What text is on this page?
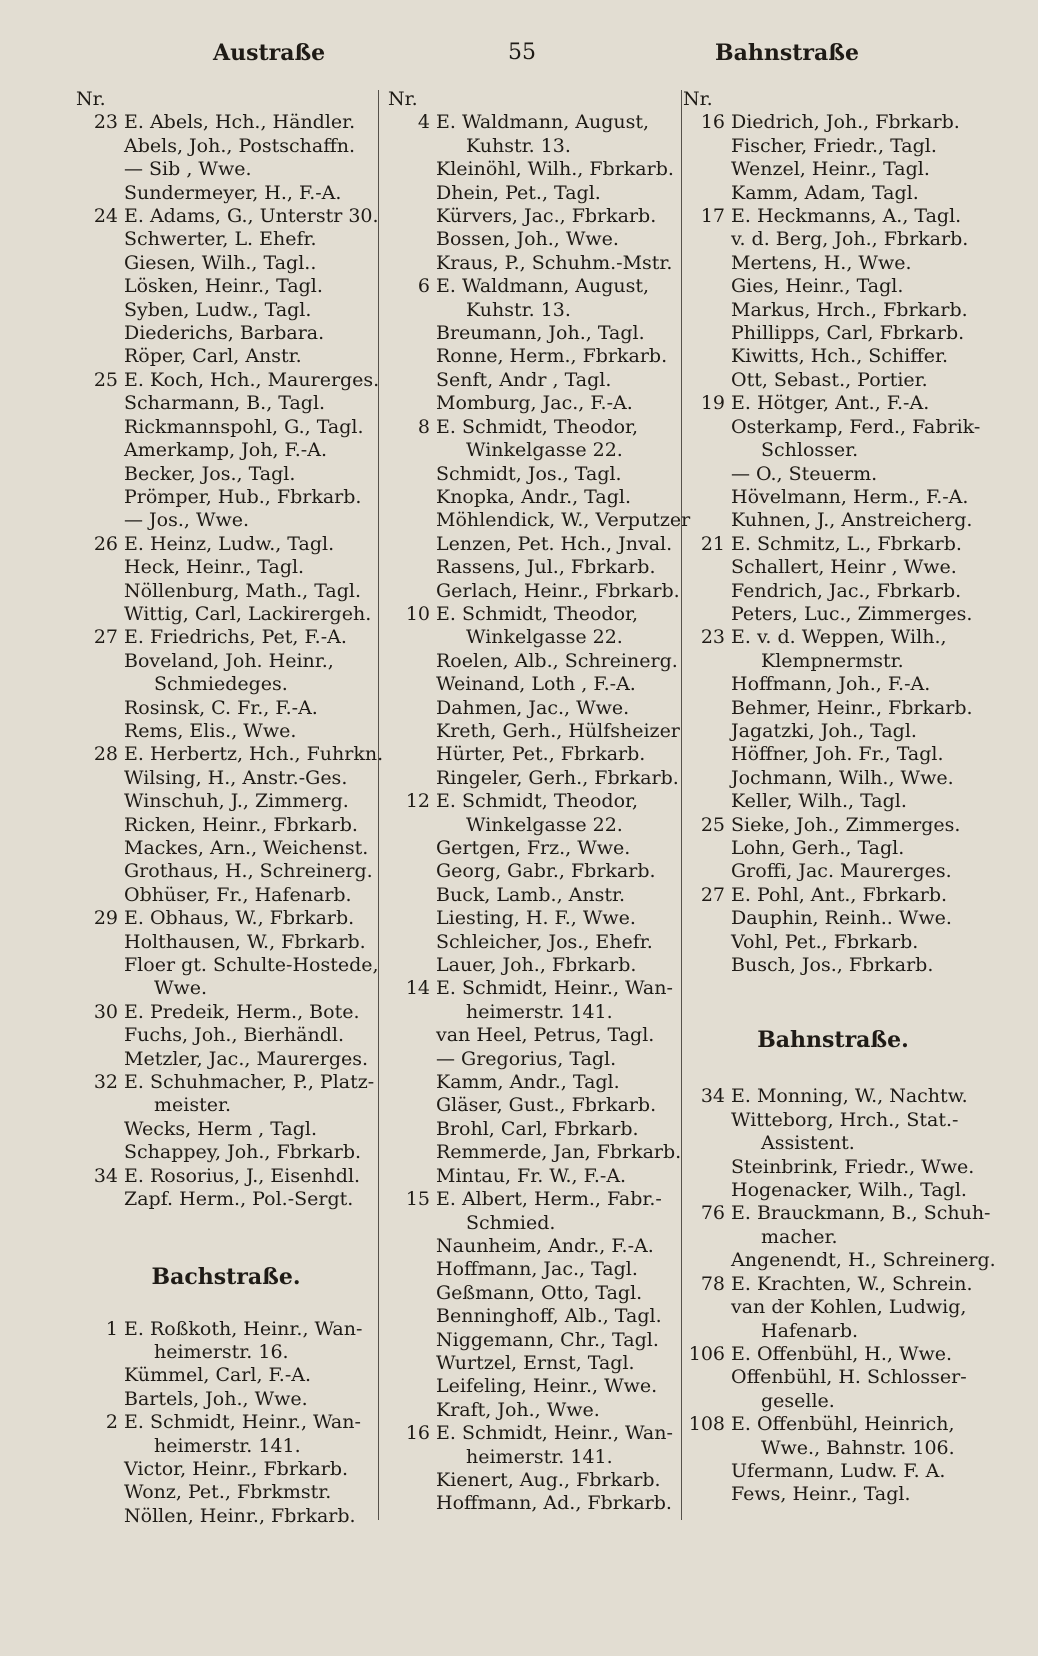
Austraße	55	Bahnstraße
Nr.
23 E. Abels, Hch., Händler.
Abels, Joh., Postschaffn.
— Sib , Wwe.
Sundermeyer, H., F.-A.
24 E. Adams, G., Unterstr 30.
Schwerter, L. Ehefr.
Giesen, Wilh., Tagl..
Lösken, Heinr., Tagl.
Syben, Ludw., Tagl.
Diederichs, Barbara.
Röper, Carl, Anstr.
25 E. Koch, Hch., Maurerges.
Scharmann, B., Tagl.
Rickmannspohl, G., Tagl.
Amerkamp, Joh, F.-A.
Becker, Jos., Tagl.
Prömper, Hub., Fbrkarb.
— Jos., Wwe.
26 E. Heinz, Ludw., Tagl.
Heck, Heinr., Tagl.
Nöllenburg, Math., Tagl.
Wittig, Carl, Lackirergeh.
27 E. Friedrichs, Pet, F.-A.
Boveland, Joh. Heinr.,
Schmiedeges.
Rosinsk, C. Fr., F.-A.
Rems, Elis., Wwe.
28 E. Herbertz, Hch., Fuhrkn.
Wilsing, H., Anstr.-Ges.
Winschuh, J., Zimmerg.
Ricken, Heinr., Fbrkarb.
Mackes, Arn., Weichenst.
Grothaus, H., Schreinerg.
Obhüser, Fr., Hafenarb.
29 E. Obhaus, W., Fbrkarb.
Holthausen, W., Fbrkarb.
Floer gt. Schulte-Hostede,
Wwe.
30 E. Predeik, Herm., Bote.
Fuchs, Joh., Bierhändl.
Metzler, Jac., Maurerges.
32 E. Schuhmacher, P., Platz-
meister.
Wecks, Herm , Tagl.
Schappey, Joh., Fbrkarb.
34 E. Rosorius, J., Eisenhdl.
Zapf. Herm., Pol.-Sergt.
Bachstraße.
1 E. Roßkoth, Heinr., Wan-
heimerstr. 16.
Kümmel, Carl, F.-A.
Bartels, Joh., Wwe.
2 E. Schmidt, Heinr., Wan-
heimerstr. 141.
Victor, Heinr., Fbrkarb.
Wonz, Pet., Fbrkmstr.
Nöllen, Heinr., Fbrkarb.
Nr.
4 E. Waldmann, August,
Kuhstr. 13.
Kleinöhl, Wilh., Fbrkarb.
Dhein, Pet., Tagl.
Kürvers, Jac., Fbrkarb.
Bossen, Joh., Wwe.
Kraus, P., Schuhm.-Mstr.
6 E. Waldmann, August,
Kuhstr. 13.
Breumann, Joh., Tagl.
Ronne, Herm., Fbrkarb.
Senft, Andr , Tagl.
Momburg, Jac., F.-A.
8 E. Schmidt, Theodor,
Winkelgasse 22.
Schmidt, Jos., Tagl.
Knopka, Andr., Tagl.
Möhlendick, W., Verputzer
Lenzen, Pet. Hch., Jnval.
Rassens, Jul., Fbrkarb.
Gerlach, Heinr., Fbrkarb.
10 E. Schmidt, Theodor,
Winkelgasse 22.
Roelen, Alb., Schreinerg.
Weinand, Loth , F.-A.
Dahmen, Jac., Wwe.
Kreth, Gerh., Hülfsheizer
Hürter, Pet., Fbrkarb.
Ringeler, Gerh., Fbrkarb.
12 E. Schmidt, Theodor,
Winkelgasse 22.
Gertgen, Frz., Wwe.
Georg, Gabr., Fbrkarb.
Buck, Lamb., Anstr.
Liesting, H. F., Wwe.
Schleicher, Jos., Ehefr.
Lauer, Joh., Fbrkarb.
14 E. Schmidt, Heinr., Wan-
heimerstr. 141.
van Heel, Petrus, Tagl.
— Gregorius, Tagl.
Kamm, Andr., Tagl.
Gläser, Gust., Fbrkarb.
Brohl, Carl, Fbrkarb.
Remmerde, Jan, Fbrkarb.
Mintau, Fr. W., F.-A.
15 E. Albert, Herm., Fabr.-
Schmied.
Naunheim, Andr., F.-A.
Hoffmann, Jac., Tagl.
Geßmann, Otto, Tagl.
Benninghoff, Alb., Tagl.
Niggemann, Chr., Tagl.
Wurtzel, Ernst, Tagl.
Leifeling, Heinr., Wwe.
Kraft, Joh., Wwe.
16 E. Schmidt, Heinr., Wan-
heimerstr. 141.
Kienert, Aug., Fbrkarb.
Hoffmann, Ad., Fbrkarb.
Nr.
16 Diedrich, Joh., Fbrkarb.
Fischer, Friedr., Tagl.
Wenzel, Heinr., Tagl.
Kamm, Adam, Tagl.
17 E. Heckmanns, A., Tagl.
v. d. Berg, Joh., Fbrkarb.
Mertens, H., Wwe.
Gies, Heinr., Tagl.
Markus, Hrch., Fbrkarb.
Phillipps, Carl, Fbrkarb.
Kiwitts, Hch., Schiffer.
Ott, Sebast., Portier.
19 E. Hötger, Ant., F.-A.
Osterkamp, Ferd., Fabrik-
Schlosser.
— O., Steuerm.
Hövelmann, Herm., F.-A.
Kuhnen, J., Anstreicherg.
21 E. Schmitz, L., Fbrkarb.
Schallert, Heinr , Wwe.
Fendrich, Jac., Fbrkarb.
Peters, Luc., Zimmerges.
23 E. v. d. Weppen, Wilh.,
Klempnermstr.
Hoffmann, Joh., F.-A.
Behmer, Heinr., Fbrkarb.
Jagatzki, Joh., Tagl.
Höffner, Joh. Fr., Tagl.
Jochmann, Wilh., Wwe.
Keller, Wilh., Tagl.
25 Sieke, Joh., Zimmerges.
Lohn, Gerh., Tagl.
Groffi, Jac. Maurerges.
27 E. Pohl, Ant., Fbrkarb.
Dauphin, Reinh.. Wwe.
Vohl, Pet., Fbrkarb.
Busch, Jos., Fbrkarb.
Bahnstraße.
34 E. Monning, W., Nachtw.
Witteborg, Hrch., Stat.-
Assistent.
Steinbrink, Friedr., Wwe.
Hogenacker, Wilh., Tagl.
76 E. Brauckmann, B., Schuh-
macher.
Angenendt, H., Schreinerg.
78 E. Krachten, W., Schrein.
van der Kohlen, Ludwig,
Hafenarb.
106 E. Offenbühl, H., Wwe.
Offenbühl, H. Schlosser-
geselle.
108 E. Offenbühl, Heinrich,
Wwe., Bahnstr. 106.
Ufermann, Ludw. F. A.
Fews, Heinr., Tagl.
